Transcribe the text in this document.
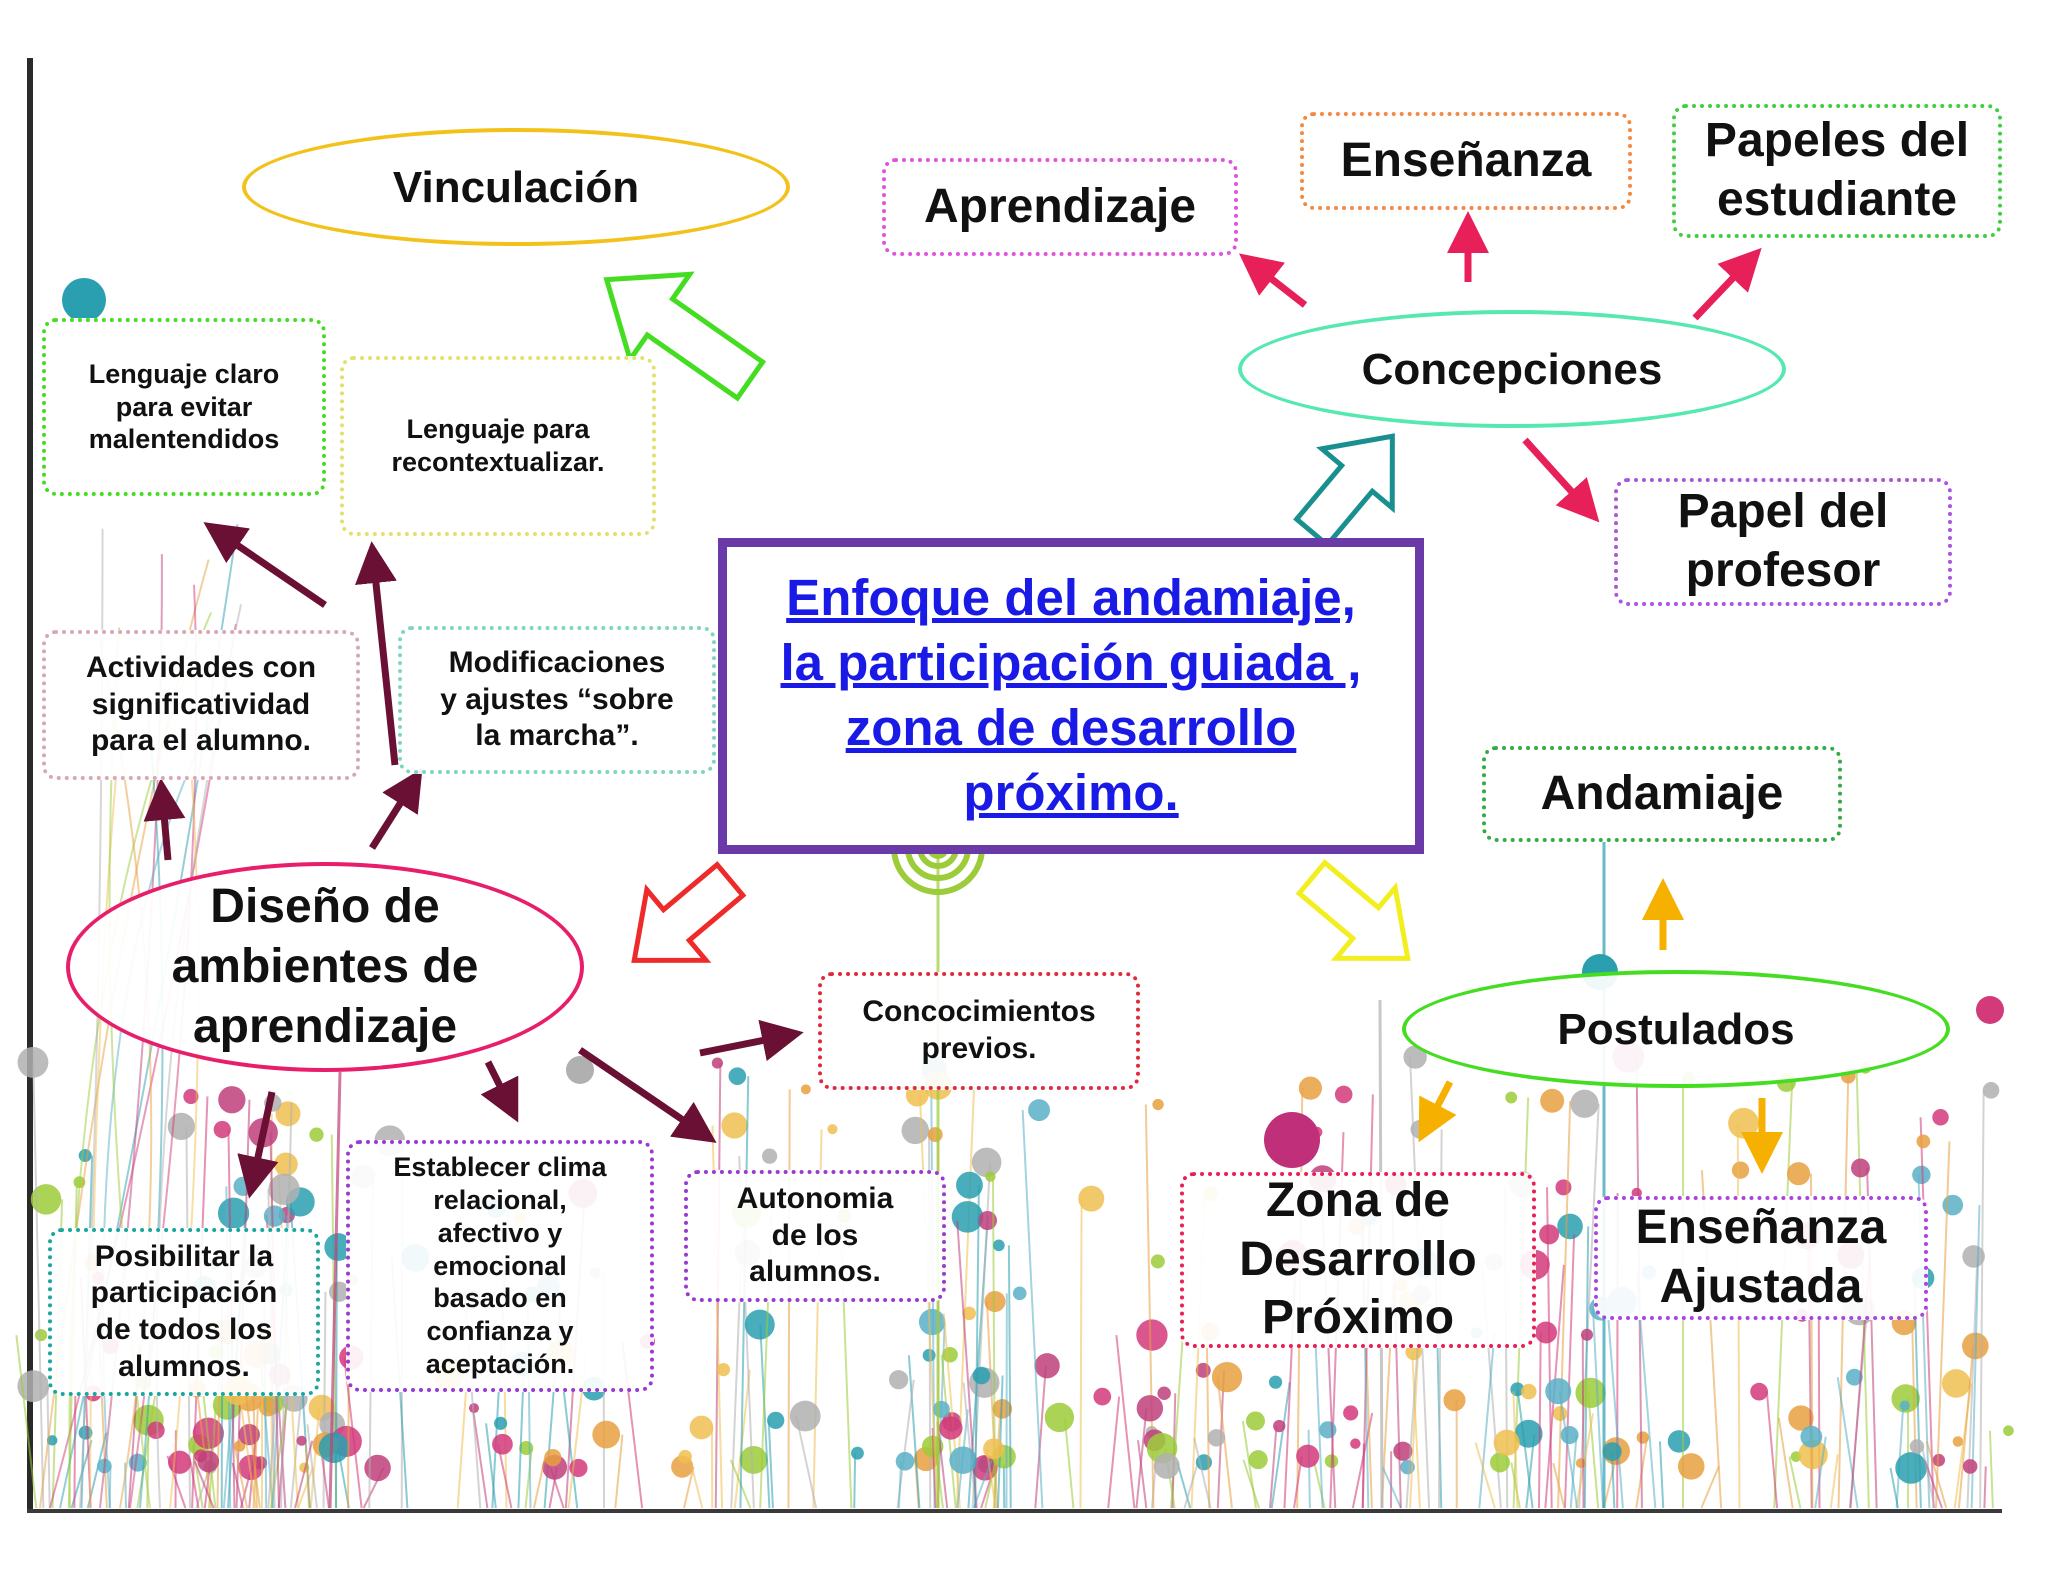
Vinculación
Concepciones
Diseño de
ambientes de
aprendizaje	Postulados
Lenguaje claro
para evitar
malentendidos	Lenguaje para
recontextualizar.
Actividades con
significatividad
para el alumno.
Modificaciones
y ajustes “sobre
la marcha”.
Concocimientos
previos.
Posibilitar la
participación
de todos los
alumnos.
Establecer clima
relacional,
afectivo y
emocional
basado en
confianza y
aceptación.
Autonomia
de los
alumnos.
Aprendizaje
Enseñanza	Papeles del
estudiante
Papel del
profesor
Andamiaje
Zona de
Desarrollo
Próximo
Enseñanza
Ajustada
Enfoque del andamiaje,
la participación guiada ,
zona de desarrollo
próximo.
